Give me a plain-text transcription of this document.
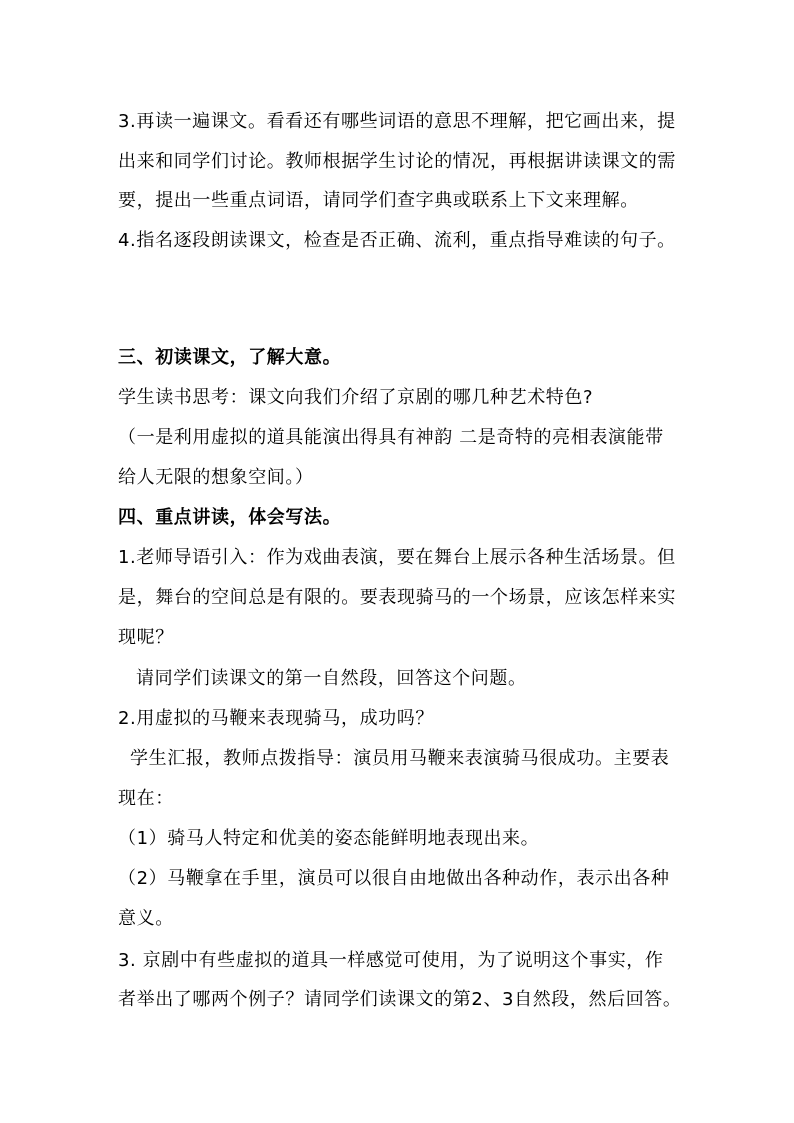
3.再读一遍课文。看看还有哪些词语的意思不理解，把它画出来，提
出来和同学们讨论。教师根据学生讨论的情况，再根据讲读课文的需
要，提出一些重点词语，请同学们查字典或联系上下文来理解。
4.指名逐段朗读课文，检查是否正确、流利，重点指导难读的句子。
三、初读课文，了解大意。
学生读书思考：课文向我们介绍了京剧的哪几种艺术特色?
（一是利用虚拟的道具能演出得具有神韵 二是奇特的亮相表演能带
给人无限的想象空间。）
四、重点讲读，体会写法。
1.老师导语引入：作为戏曲表演，要在舞台上展示各种生活场景。但
是，舞台的空间总是有限的。要表现骑马的一个场景，应该怎样来实
现呢？
请同学们读课文的第一自然段，回答这个问题。
2.用虚拟的马鞭来表现骑马，成功吗？
学生汇报，教师点拨指导：演员用马鞭来表演骑马很成功。主要表
现在：
（1）骑马人特定和优美的姿态能鲜明地表现出来。
（2）马鞭拿在手里，演员可以很自由地做出各种动作，表示出各种
意义。
3. 京剧中有些虚拟的道具一样感觉可使用，为了说明这个事实，作
者举出了哪两个例子？请同学们读课文的第2、3自然段，然后回答。
